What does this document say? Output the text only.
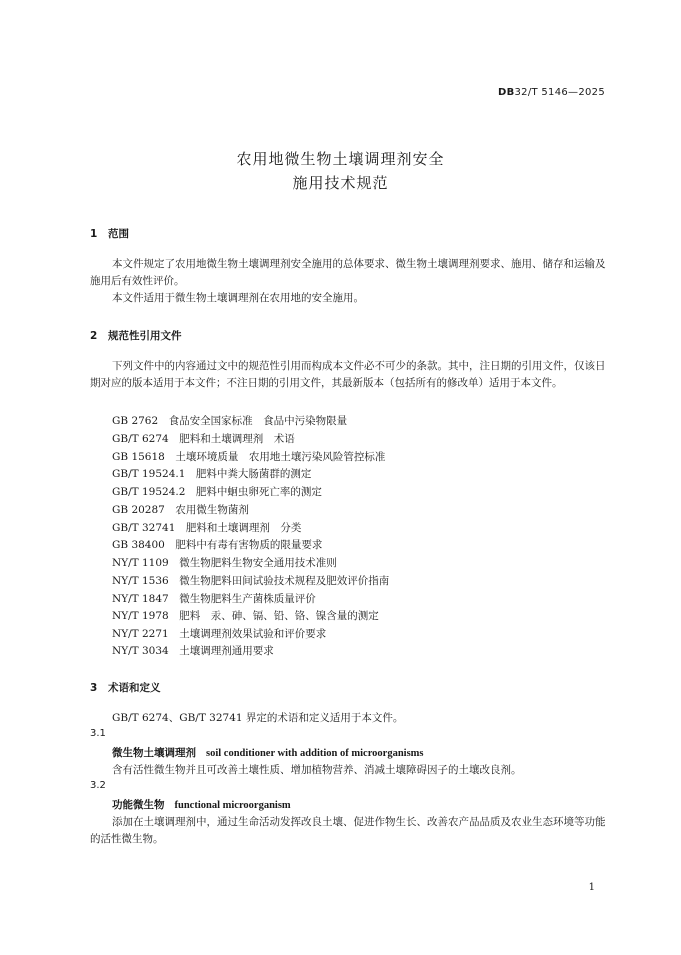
DB32/T 5146—2025
农用地微生物土壤调理剂安全
施用技术规范
1 范围
本文件规定了农用地微生物土壤调理剂安全施用的总体要求、微生物土壤调理剂要求、施用、储存和运输及施用后有效性评价。
本文件适用于微生物土壤调理剂在农用地的安全施用。
2 规范性引用文件
下列文件中的内容通过文中的规范性引用而构成本文件必不可少的条款。其中，注日期的引用文件，仅该日期对应的版本适用于本文件；不注日期的引用文件，其最新版本（包括所有的修改单）适用于本文件。
GB 2762　食品安全国家标准　食品中污染物限量
GB/T 6274　肥料和土壤调理剂　术语
GB 15618　土壤环境质量　农用地土壤污染风险管控标准
GB/T 19524.1　肥料中粪大肠菌群的测定
GB/T 19524.2　肥料中蛔虫卵死亡率的测定
GB 20287　农用微生物菌剂
GB/T 32741　肥料和土壤调理剂　分类
GB 38400　肥料中有毒有害物质的限量要求
NY/T 1109　微生物肥料生物安全通用技术准则
NY/T 1536　微生物肥料田间试验技术规程及肥效评价指南
NY/T 1847　微生物肥料生产菌株质量评价
NY/T 1978　肥料　汞、砷、镉、铅、铬、镍含量的测定
NY/T 2271　土壤调理剂效果试验和评价要求
NY/T 3034　土壤调理剂通用要求
3 术语和定义
GB/T 6274、GB/T 32741 界定的术语和定义适用于本文件。
3.1
微生物土壤调理剂 soil conditioner with addition of microorganisms
含有活性微生物并且可改善土壤性质、增加植物营养、消减土壤障碍因子的土壤改良剂。
3.2
功能微生物 functional microorganism
添加在土壤调理剂中，通过生命活动发挥改良土壤、促进作物生长、改善农产品品质及农业生态环境等功能的活性微生物。
1
